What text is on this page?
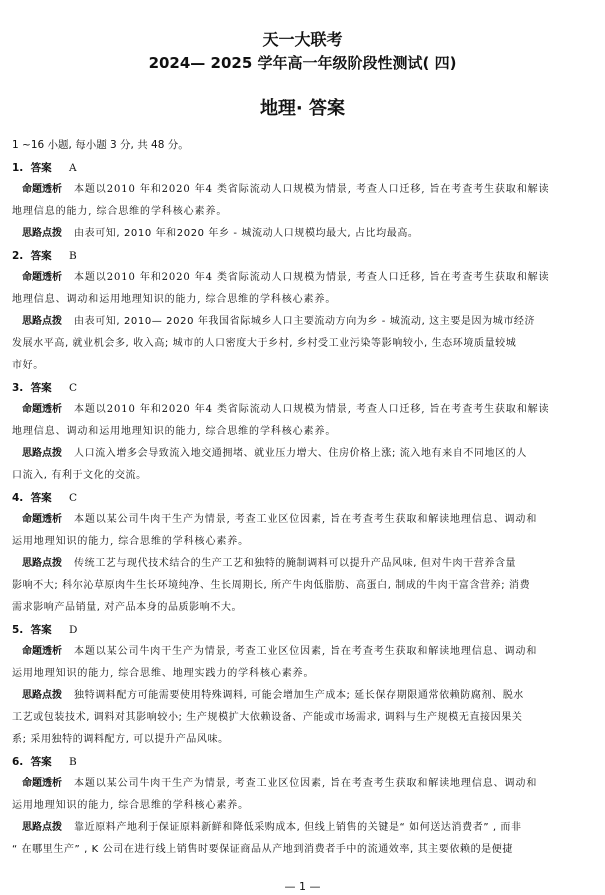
天一大联考
2024— 2025 学年高一年级阶段性测试( 四)
地理· 答案
1 ~16 小题, 每小题 3 分, 共 48 分。
1. 答案 A
命题透析 本题以2010 年和2020 年4 类省际流动人口规模为情景, 考查人口迁移, 旨在考查考生获取和解读
地理信息的能力, 综合思维的学科核心素养。
思路点拨 由表可知, 2010 年和2020 年乡 - 城流动人口规模均最大, 占比均最高。
2. 答案 B
命题透析 本题以2010 年和2020 年4 类省际流动人口规模为情景, 考查人口迁移, 旨在考查考生获取和解读
地理信息、调动和运用地理知识的能力, 综合思维的学科核心素养。
思路点拨 由表可知, 2010— 2020 年我国省际城乡人口主要流动方向为乡 - 城流动, 这主要是因为城市经济
发展水平高, 就业机会多, 收入高; 城市的人口密度大于乡村, 乡村受工业污染等影响较小, 生态环境质量较城
市好。
3. 答案 C
命题透析 本题以2010 年和2020 年4 类省际流动人口规模为情景, 考查人口迁移, 旨在考查考生获取和解读
地理信息、调动和运用地理知识的能力, 综合思维的学科核心素养。
思路点拨 人口流入增多会导致流入地交通拥堵、就业压力增大、住房价格上涨; 流入地有来自不同地区的人
口流入, 有利于文化的交流。
4. 答案 C
命题透析 本题以某公司牛肉干生产为情景, 考查工业区位因素, 旨在考查考生获取和解读地理信息、调动和
运用地理知识的能力, 综合思维的学科核心素养。
思路点拨 传统工艺与现代技术结合的生产工艺和独特的腌制调料可以提升产品风味, 但对牛肉干营养含量
影响不大; 科尔沁草原肉牛生长环境纯净、生长周期长, 所产牛肉低脂肪、高蛋白, 制成的牛肉干富含营养; 消费
需求影响产品销量, 对产品本身的品质影响不大。
5. 答案 D
命题透析 本题以某公司牛肉干生产为情景, 考查工业区位因素, 旨在考查考生获取和解读地理信息、调动和
运用地理知识的能力, 综合思维、地理实践力的学科核心素养。
思路点拨 独特调料配方可能需要使用特殊调料, 可能会增加生产成本; 延长保存期限通常依赖防腐剂、脱水
工艺或包装技术, 调料对其影响较小; 生产规模扩大依赖设备、产能或市场需求, 调料与生产规模无直接因果关
系; 采用独特的调料配方, 可以提升产品风味。
6. 答案 B
命题透析 本题以某公司牛肉干生产为情景, 考查工业区位因素, 旨在考查考生获取和解读地理信息、调动和
运用地理知识的能力, 综合思维的学科核心素养。
思路点拨 靠近原料产地利于保证原料新鲜和降低采购成本, 但线上销售的关键是“ 如何送达消费者” , 而非
“ 在哪里生产” , K 公司在进行线上销售时要保证商品从产地到消费者手中的流通效率, 其主要依赖的是便捷
— 1 —
